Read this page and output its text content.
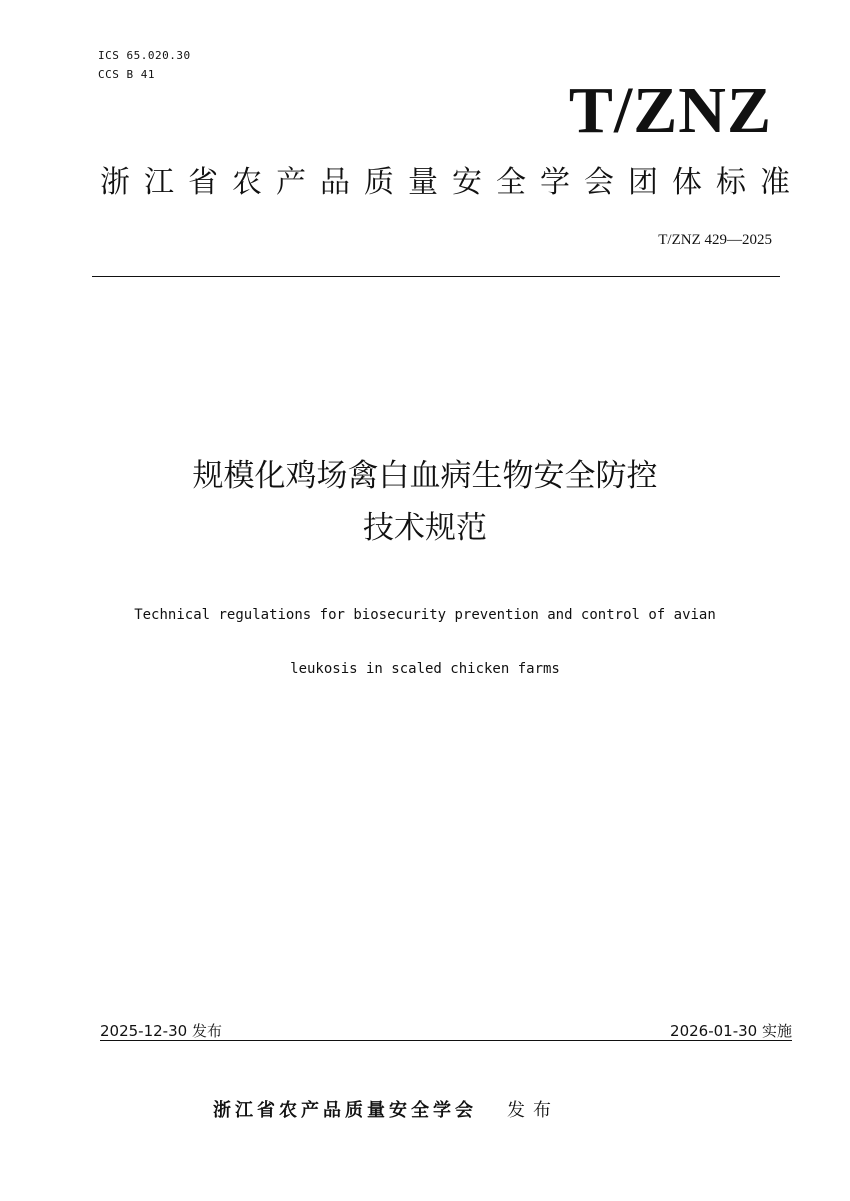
ICS 65.020.30
CCS B 41	T/ZNZ
浙江省农产品质量安全学会团体标准
T/ZNZ 429—2025
规模化鸡场禽白血病生物安全防控
技术规范

Technical regulations for biosecurity prevention and control of avian

leukosis in scaled chicken farms

2025-12-30 发布	2026-01-30 实施
浙江省农产品质量安全学会 发布
